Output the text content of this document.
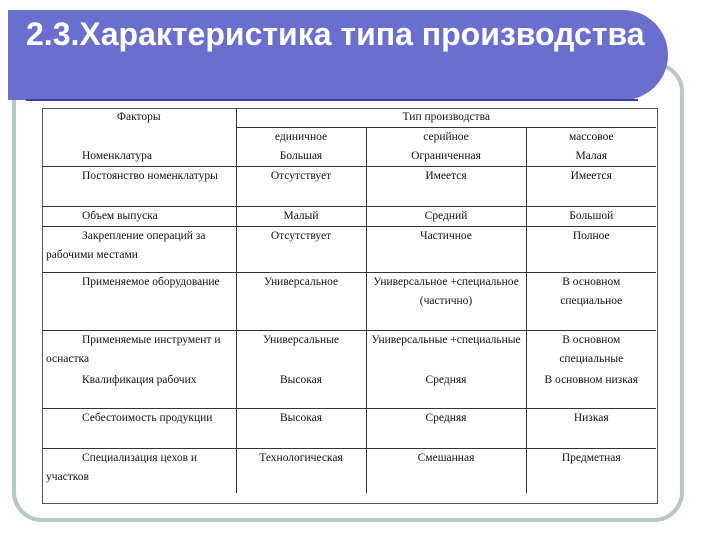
2.3.Характеристика типа производства
Факторы	Тип производства		
	единичное	серийное	массовое
Номенклатура	Большая	Ограниченная	Малая
Постоянство номенклатуры	Отсутствует	Имеется	Имеется
Объем выпуска	Малый	Средний	Большой
Закрепление операций за рабочими местами	Отсутствует	Частичное	Полное
Применяемое оборудование	Универсальное	Универсальное +специальное (частично)	В основном специальное
Применяемые инструмент и оснастка	Универсальные	Универсальные +специальные	В основном специальные
Квалификация рабочих	Высокая	Средняя	В основном низкая
Себестоимость продукции	Высокая	Средняя	Низкая
Специализация цехов и участков	Технологическая	Смешанная	Предметная
